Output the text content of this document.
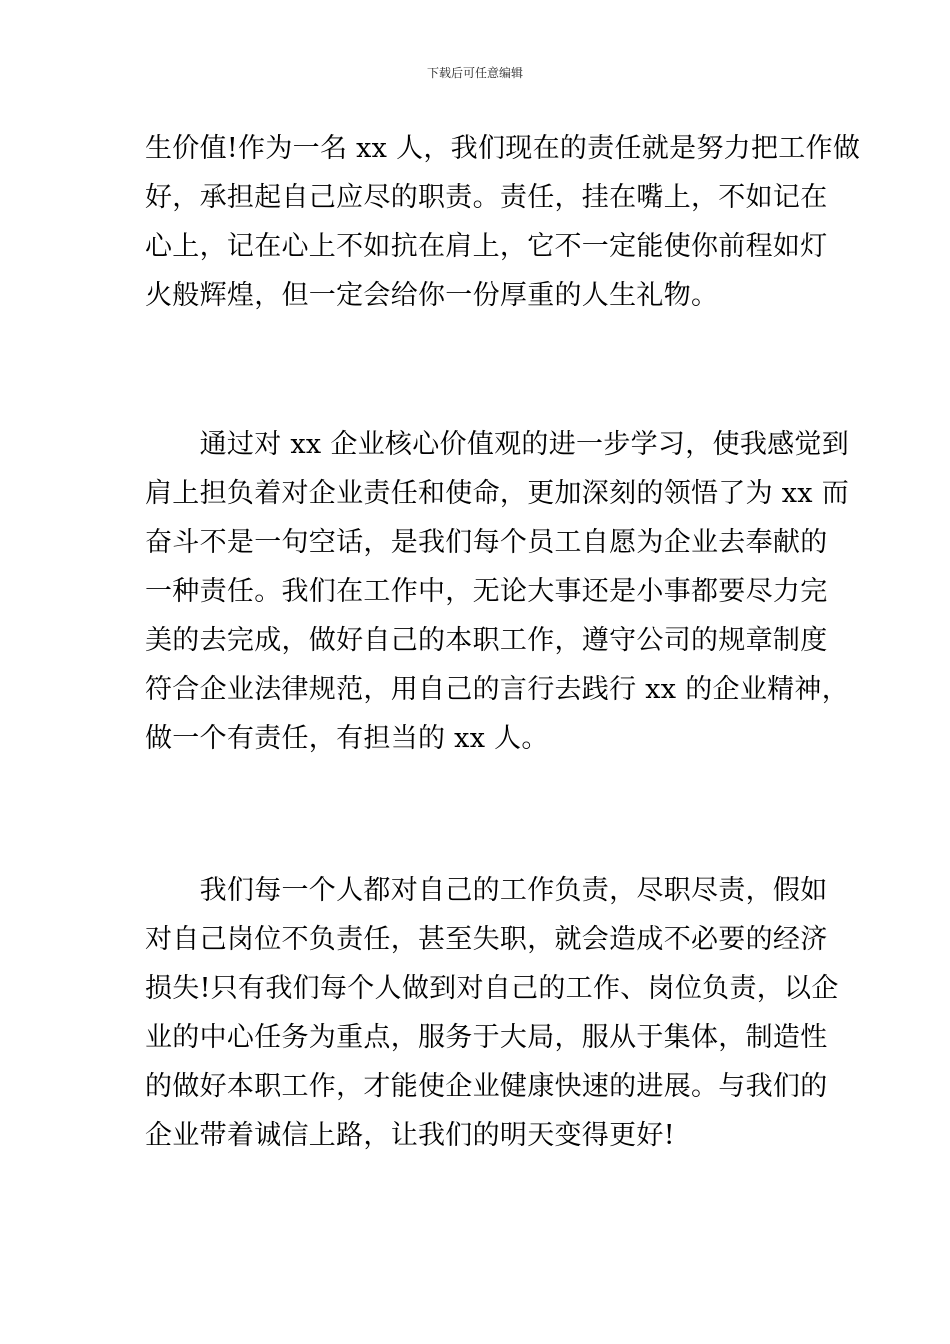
下载后可任意编辑
生价值!作为一名 xx 人，我们现在的责任就是努力把工作做
好，承担起自己应尽的职责。责任，挂在嘴上，不如记在
心上，记在心上不如抗在肩上，它不一定能使你前程如灯
火般辉煌，但一定会给你一份厚重的人生礼物。
　　通过对 xx 企业核心价值观的进一步学习，使我感觉到
肩上担负着对企业责任和使命，更加深刻的领悟了为 xx 而
奋斗不是一句空话，是我们每个员工自愿为企业去奉献的
一种责任。我们在工作中，无论大事还是小事都要尽力完
美的去完成，做好自己的本职工作，遵守公司的规章制度
符合企业法律规范，用自己的言行去践行 xx 的企业精神，
做一个有责任，有担当的 xx 人。
　　我们每一个人都对自己的工作负责，尽职尽责，假如
对自己岗位不负责任，甚至失职，就会造成不必要的经济
损失!只有我们每个人做到对自己的工作、岗位负责，以企
业的中心任务为重点，服务于大局，服从于集体，制造性
的做好本职工作，才能使企业健康快速的进展。与我们的
企业带着诚信上路，让我们的明天变得更好!
